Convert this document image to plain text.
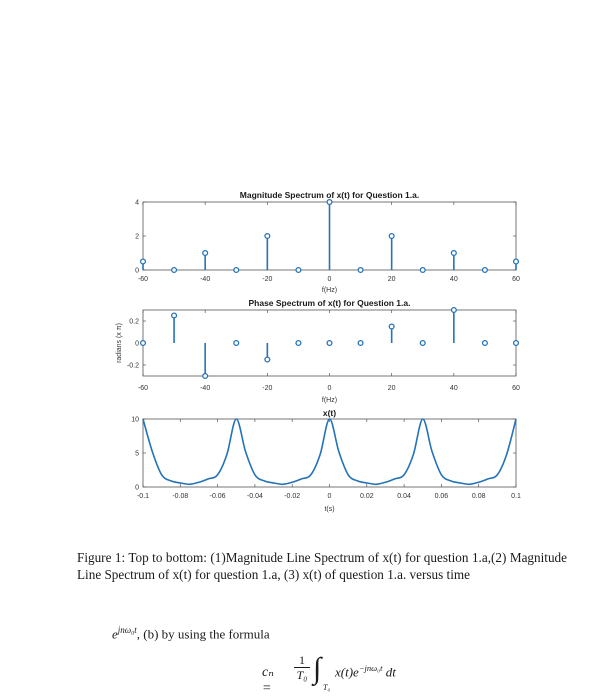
Magnitude Spectrum of x(t) for Question 1.a.
f(Hz)
-60	-40	-20	0	20	40	60
0
2
4
Phase Spectrum of x(t) for Question 1.a.
f(Hz)
radians (x π)
-60	-40	-20	0	20	40	60
0.2
0
-0.2
x(t)
t(s)
-0.1	-0.08	-0.06	-0.04	-0.02	0	0.02	0.04	0.06	0.08	0.1
0
5
10
Figure 1: Top to bottom: (1)Magnitude Line Spectrum of x(t) for question 1.a,(2) Magnitude Line Spectrum of x(t) for question 1.a, (3) x(t) of question 1.a. versus time
$e^{jn\omega_0t}$, (b) by using the formula
cₙ =
$\frac{1}{\text{T₀}}$ ∫
T₀
$x(t)e^{-jn\omega_0t}$ dt
